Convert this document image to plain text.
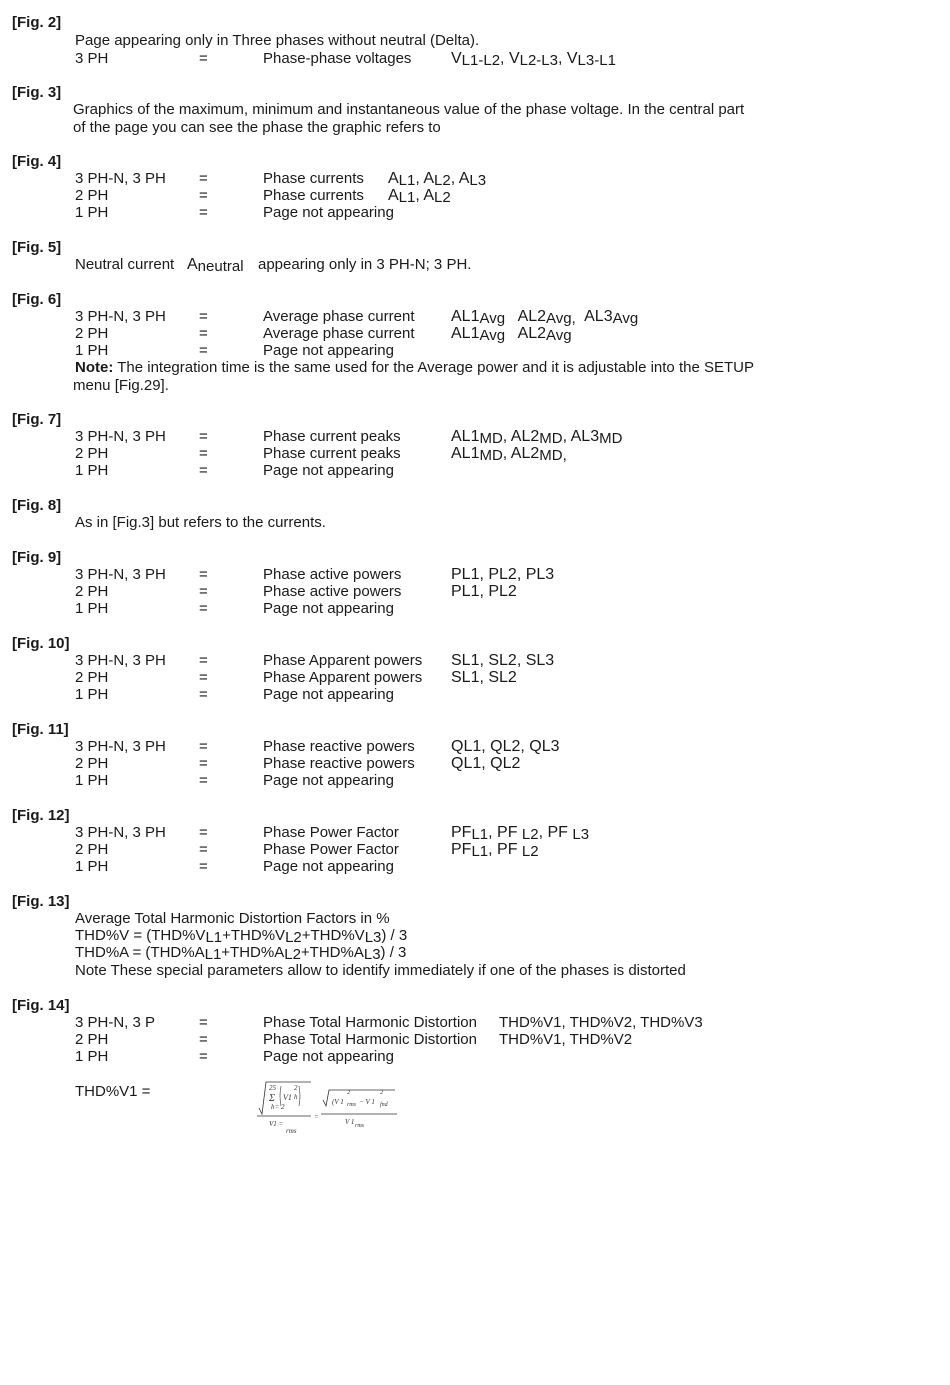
[Fig. 2]
Page appearing only in Three phases without neutral (Delta).
3 PH	=	Phase-phase voltages VL1-L2, VL2-L3, VL3-L1
[Fig. 3]
Graphics of the maximum, minimum and instantaneous value of the phase voltage. In the central part
of the page you can see the phase the graphic refers to
[Fig. 4]
3 PH-N, 3 PH =	Phase currents AL1, AL2, AL3
2 PH	=	Phase currents AL1, AL2
1 PH	=	Page not appearing
[Fig. 5]
Neutral current Aneutral appearing only in 3 PH-N; 3 PH.
[Fig. 6]
3 PH-N, 3 PH =	Average phase current AL1Avg AL2Avg, AL3Avg
2 PH	=	Average phase current AL1Avg AL2Avg
1 PH	=	Page not appearing
Note: The integration time is the same used for the Average power and it is adjustable into the SETUP
menu [Fig.29].
[Fig. 7]
3 PH-N, 3 PH =	Phase current peaks	AL1MD, AL2MD, AL3MD
2 PH	=	Phase current peaks	AL1MD, AL2MD,
1 PH	=	Page not appearing
[Fig. 8]
As in [Fig.3] but refers to the currents.
[Fig. 9]
3 PH-N, 3 PH =	Phase active powers	PL1, PL2, PL3
2 PH	=	Phase active powers	PL1, PL2
1 PH	=	Page not appearing
[Fig. 10]
3 PH-N, 3 PH =	Phase Apparent powers SL1, SL2, SL3
2 PH	=	Phase Apparent powers SL1, SL2
1 PH	=	Page not appearing
[Fig. 11]
3 PH-N, 3 PH =	Phase reactive powers QL1, QL2, QL3
2 PH	=	Phase reactive powers QL1, QL2
1 PH	=	Page not appearing
[Fig. 12]
3 PH-N, 3 PH =	Phase Power Factor	PFL1, PF L2, PF L3
2 PH	=	Phase Power Factor	PFL1, PF L2
1 PH	=	Page not appearing
[Fig. 13]
Average Total Harmonic Distortion Factors in %
THD%V = (THD%VL1+THD%VL2+THD%VL3) / 3
THD%A = (THD%AL1+THD%AL2+THD%AL3) / 3
Note These special parameters allow to identify immediately if one of the phases is distorted
[Fig. 14]
3 PH-N, 3 P	=	Phase Total Harmonic Distortion THD%V1, THD%V2, THD%V3
2 PH	=	Phase Total Harmonic Distortion THD%V1, THD%V2
1 PH	=	Page not appearing
THD%V1 =	25
Σ V1
2
h
h= 2
V1 =
rms
=
(V 1
2
rms − V 1
2
fnd
V 1 rms
